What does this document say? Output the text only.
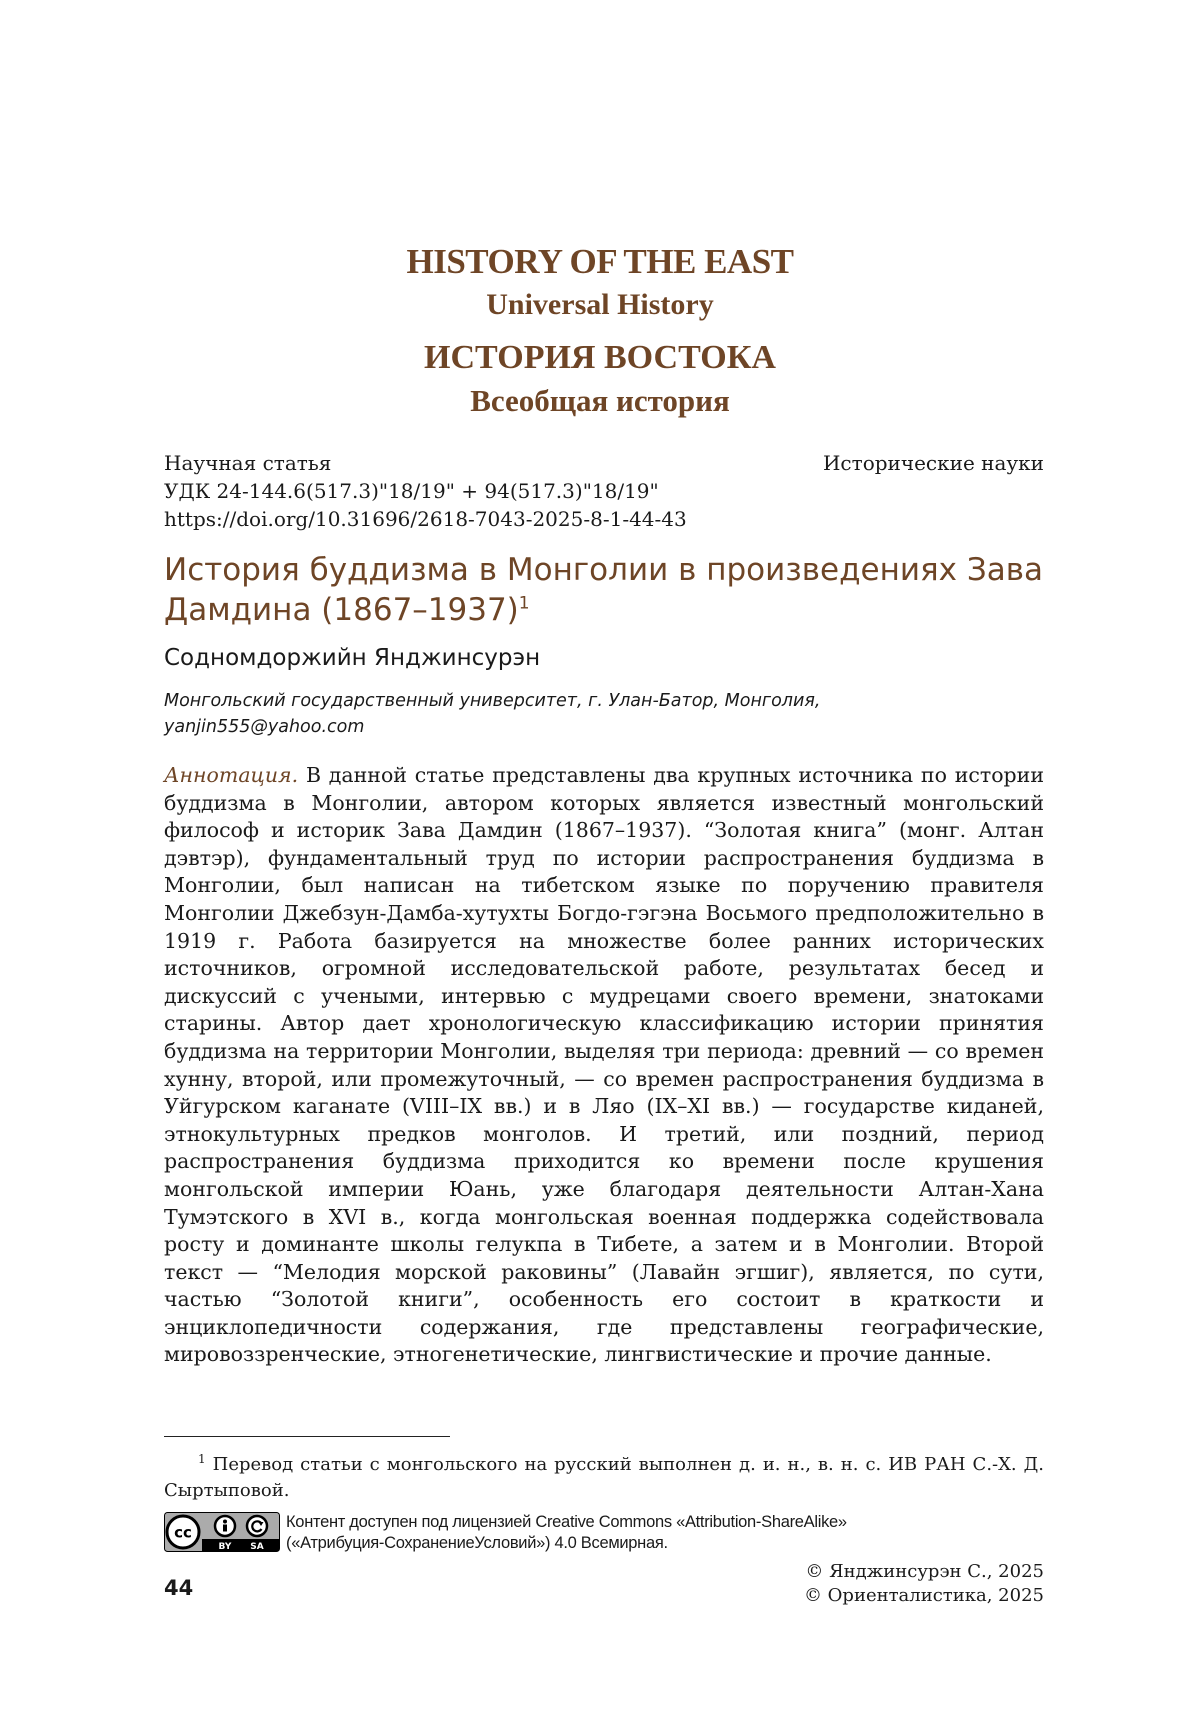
HISTORY OF THE EAST
Universal History
ИСТОРИЯ ВОСТОКА
Всеобщая история
Научная статья	Исторические науки
УДК 24-144.6(517.3)"18/19" + 94(517.3)"18/19"
https://doi.org/10.31696/2618-7043-2025-8-1-44-43
История буддизма в Монголии в произведениях Зава Дамдина (1867–1937)$^1$
Содномдоржийн Янджинсурэн
Монгольский государственный университет, г. Улан-Батор, Монголия,
yanjin555@yahoo.com

Аннотация. В данной статье представлены два крупных источника по истории буддизма в Монголии, автором которых является известный монгольский философ и историк Зава Дамдин (1867–1937). “Золотая книга” (монг. Алтан дэвтэр), фундаментальный труд по истории распространения буддизма в Монголии, был написан на тибетском языке по поручению правителя Монголии Джебзун-Дамба-хутухты Богдо-гэгэна Восьмого предположительно в 1919 г. Работа базируется на множестве более ранних исторических источников, огромной исследовательской работе, результатах бесед и дискуссий с учеными, интервью с мудрецами своего времени, знатоками старины. Автор дает хронологическую классификацию истории принятия буддизма на территории Монголии, выделяя три периода: древний — со времен хунну, второй, или промежуточный, — со времен распространения буддизма в Уйгурском каганате (VIII–IX вв.) и в Ляо (IX–XI вв.) — государстве киданей, этнокультурных предков монголов. И третий, или поздний, период распространения буддизма приходится ко времени после крушения монгольской империи Юань, уже благодаря деятельности Алтан-Хана Тумэтского в XVI в., когда монгольская военная поддержка содействовала росту и доминанте школы гелукпа в Тибете, а затем и в Монголии. Второй текст — “Мелодия морской раковины” (Лавайн эгшиг), является, по сути, частью “Золотой книги”, особенность его состоит в краткости и энциклопедичности содержания, где представлены географические, мировоззренческие, этногенетические, лингвистические и прочие данные.

$^1$ Перевод статьи с монгольского на русский выполнен д. и. н., в. н. с. ИВ РАН С.-Х. Д. Сыртыповой.

cc
BY SA
Контент доступен под лицензией Creative Commons «Attribution-ShareAlike»
(«Атрибуция-СохранениеУсловий») 4.0 Всемирная.
44
© Янджинсурэн С., 2025
© Ориенталистика, 2025
